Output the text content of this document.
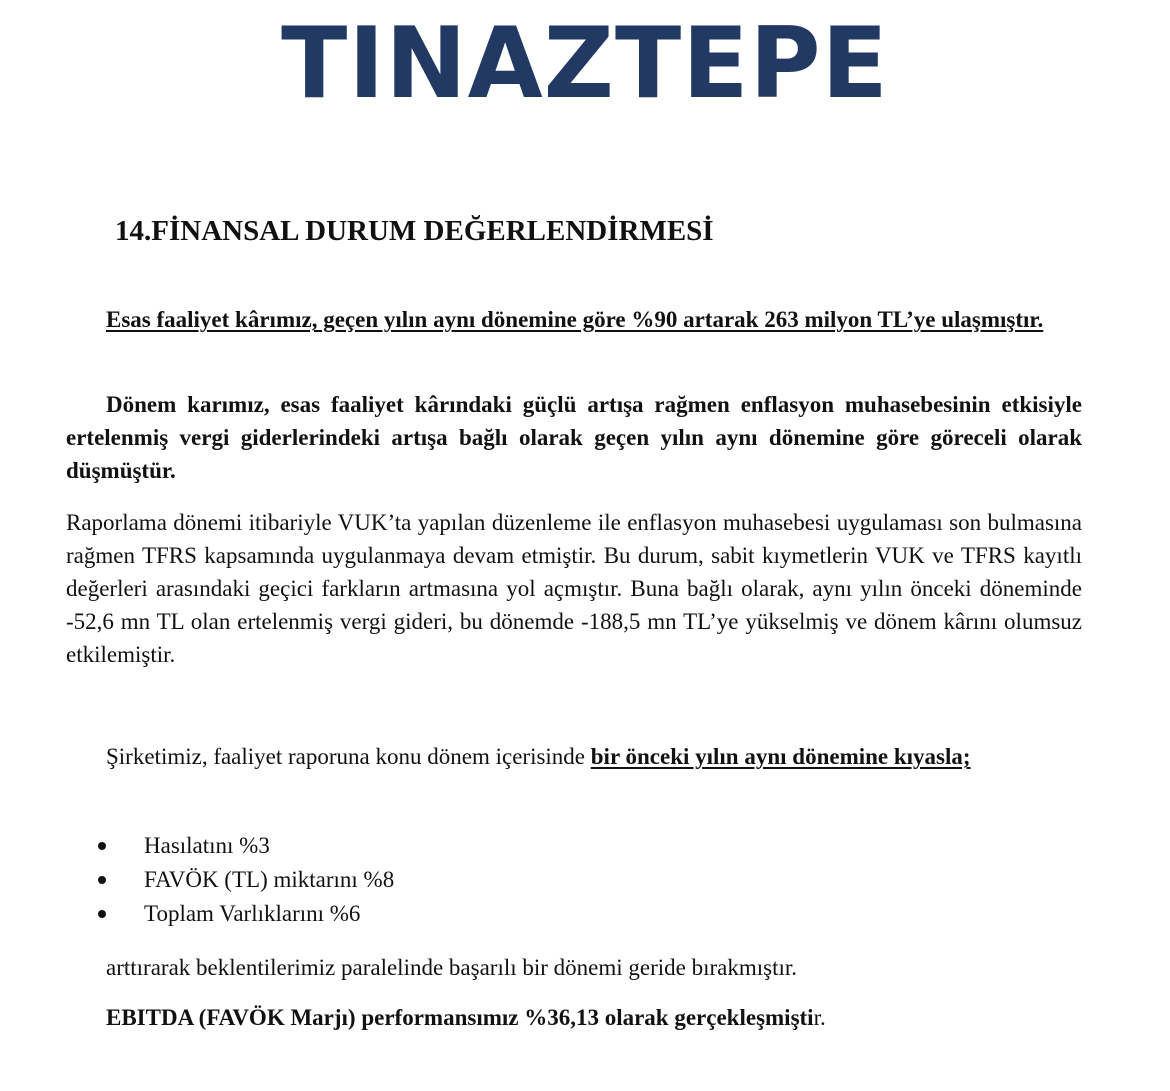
TINAZTEPE
14.FİNANSAL DURUM DEĞERLENDİRMESİ
Esas faaliyet kârımız, geçen yılın aynı dönemine göre %90 artarak 263 milyon TL’ye ulaşmıştır.
Dönem karımız, esas faaliyet kârındaki güçlü artışa rağmen enflasyon muhasebesinin etkisiyle ertelenmiş vergi giderlerindeki artışa bağlı olarak geçen yılın aynı dönemine göre göreceli olarak düşmüştür.
Raporlama dönemi itibariyle VUK’ta yapılan düzenleme ile enflasyon muhasebesi uygulaması son bulmasına rağmen TFRS kapsamında uygulanmaya devam etmiştir. Bu durum, sabit kıymetlerin VUK ve TFRS kayıtlı değerleri arasındaki geçici farkların artmasına yol açmıştır. Buna bağlı olarak, aynı yılın önceki döneminde -52,6 mn TL olan ertelenmiş vergi gideri, bu dönemde -188,5 mn TL’ye yükselmiş ve dönem kârını olumsuz etkilemiştir.
Şirketimiz, faaliyet raporuna konu dönem içerisinde bir önceki yılın aynı dönemine kıyasla;
Hasılatını %3
FAVÖK (TL) miktarını %8
Toplam Varlıklarını %6
arttırarak beklentilerimiz paralelinde başarılı bir dönemi geride bırakmıştır.
EBITDA (FAVÖK Marjı) performansımız %36,13 olarak gerçekleşmiştir.
